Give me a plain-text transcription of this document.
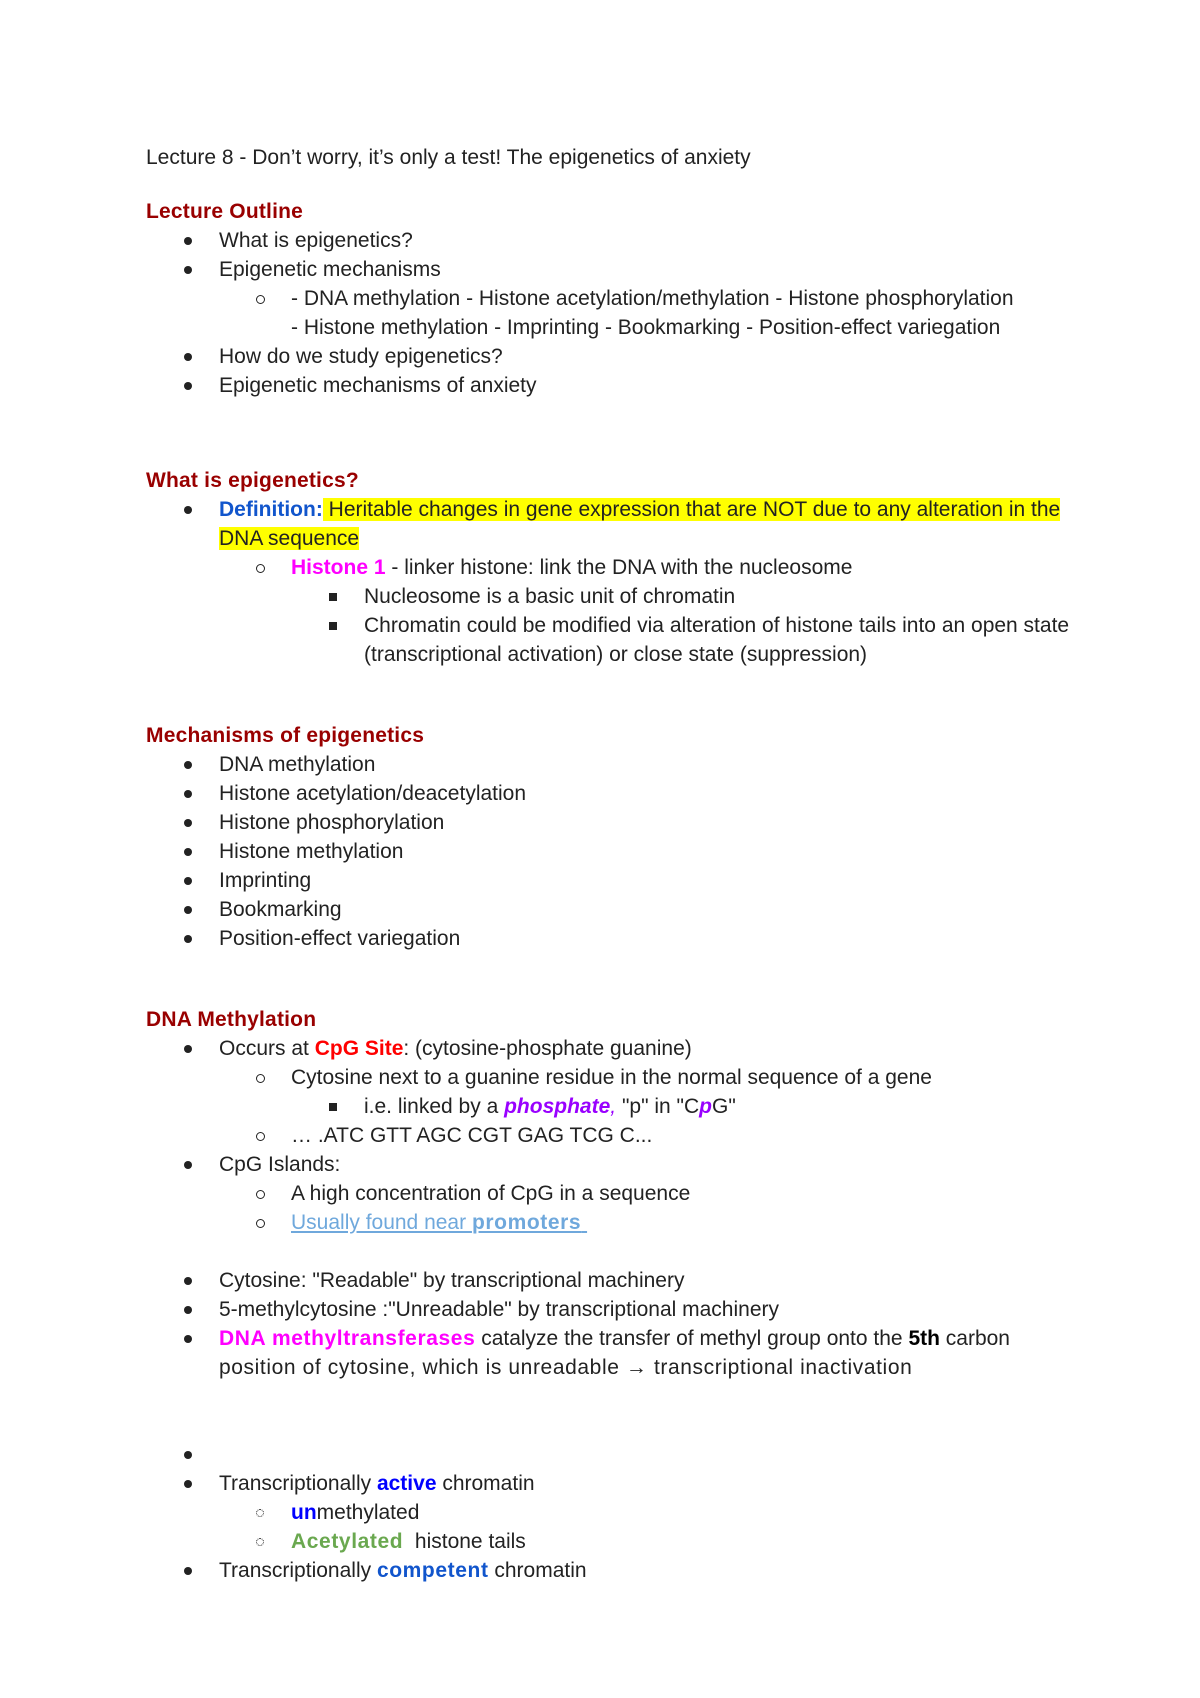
Lecture 8 - Don’t worry, it’s only a test! The epigenetics of anxiety
Lecture Outline
What is epigenetics?
Epigenetic mechanisms
- DNA methylation - Histone acetylation/methylation - Histone phosphorylation
- Histone methylation - Imprinting - Bookmarking - Position-effect variegation
How do we study epigenetics?
Epigenetic mechanisms of anxiety
What is epigenetics?
Definition: Heritable changes in gene expression that are NOT due to any alteration in the DNA sequence
Histone 1 - linker histone: link the DNA with the nucleosome
Nucleosome is a basic unit of chromatin
Chromatin could be modified via alteration of histone tails into an open state (transcriptional activation) or close state (suppression)
Mechanisms of epigenetics
DNA methylation
Histone acetylation/deacetylation
Histone phosphorylation
Histone methylation
Imprinting
Bookmarking
Position-effect variegation
DNA Methylation
Occurs at CpG Site: (cytosine-phosphate guanine)
Cytosine next to a guanine residue in the normal sequence of a gene
i.e. linked by a phosphate, "p" in "CpG"
… .ATC GTT AGC CGT GAG TCG C...
CpG Islands:
A high concentration of CpG in a sequence
Usually found near promoters
Cytosine: "Readable" by transcriptional machinery
5-methylcytosine :"Unreadable" by transcriptional machinery
DNA methyltransferases catalyze the transfer of methyl group onto the 5th carbon
position of cytosine, which is unreadable → transcriptional inactivation
Transcriptionally active chromatin
unmethylated
Acetylated  histone tails
Transcriptionally competent chromatin
